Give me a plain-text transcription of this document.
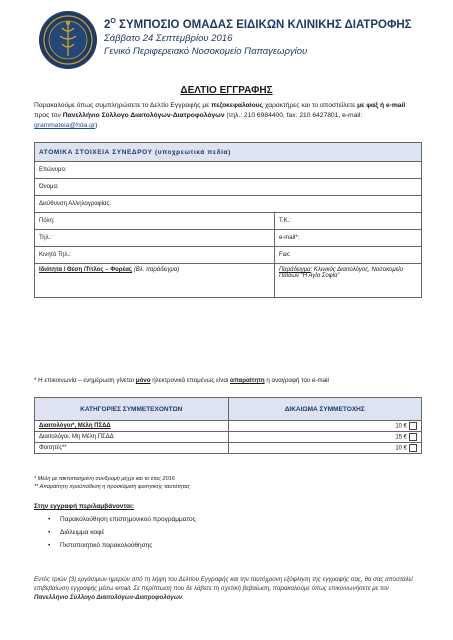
$2^O$ ΣΥΜΠΟΣΙΟ ΟΜΑΔΑΣ ΕΙΔΙΚΩΝ ΚΛΙΝΙΚΗΣ ΔΙΑΤΡΟΦΗΣ
Σάββατο 24 Σεπτεμβρίου 2016
Γενικό Περιφερειακό Νοσοκομείο Παπαγεωργίου
ΔΕΛΤΙΟ ΕΓΓΡΑΦΗΣ
Παρακαλούμε όπως συμπληρώσετε το Δελτίο Εγγραφής με πεζοκεφαλαίους χαρακτήρες και το αποστείλετε με φαξ ή e-mail προς τον Πανελλήνιο Σύλλογο Διαιτολόγων-Διατροφολόγων (τηλ.: 210 6984400, fax: 210 6427801, e-mail: grammateia@hda.gr)
ΑΤΟΜΙΚΑ ΣΤΟΙΧΕΙΑ ΣΥΝΕΔΡΟΥ (υποχρεωτικά πεδία)	
Επώνυμο:	
Όνομα:	
Διεύθυνση Αλληλογραφίας:	
Πόλη:	Τ.Κ.:
Τηλ.:	e-mail*:
Κινητό Τηλ.:	Fax:
Ιδιότητα / Θέση /Τίτλος – Φορέας (Βλ. παράδειγμα)	Παράδειγμα: Κλινικός Διαιτολόγος, Νοσοκομείο Παίδων “Η Αγία Σοφία”
* Η επικοινωνία – ενημέρωση γίνεται μόνο ηλεκτρονικά επομένως είναι απαραίτητη η αναγραφή του e-mail
ΚΑΤΗΓΟΡΙΕΣ ΣΥΜΜΕΤΕΧΟΝΤΩΝ	ΔΙΚΑΙΩΜΑ ΣΥΜΜΕΤΟΧΗΣ
Διαιτολόγοι*, Μέλη ΠΣΔΔ	10 €
Διαιτολόγοι, Μη Μέλη ΠΣΔΔ	15 €
Φοιτητές**	10 €
* Μέλη με τακτοποιημένη συνδρομή μέχρι και το έτος 2016
** Απαραίτητη προϋπόθεση η προσκόμιση φοιτητικής ταυτότητας
Στην εγγραφή περιλαμβάνονται:
• Παρακολούθηση επιστημονικού προγράμματος
• Διάλειμμα καφέ
• Πιστοποιητικό παρακολούθησης
Εντός τριών (3) εργάσιμων ημερών από τη λήψη του Δελτίου Εγγραφής και την ταυτόχρονη εξόφληση της εγγραφής σας, θα σας αποσταλεί επιβεβαίωση εγγραφής μέσω email. Σε περίπτωση που δε λάβετε τη σχετική βεβαίωση, παρακαλούμε όπως επικοινωνήσετε με τον Πανελλήνιο Σύλλογο Διαιτολόγων-Διατροφολόγων.
